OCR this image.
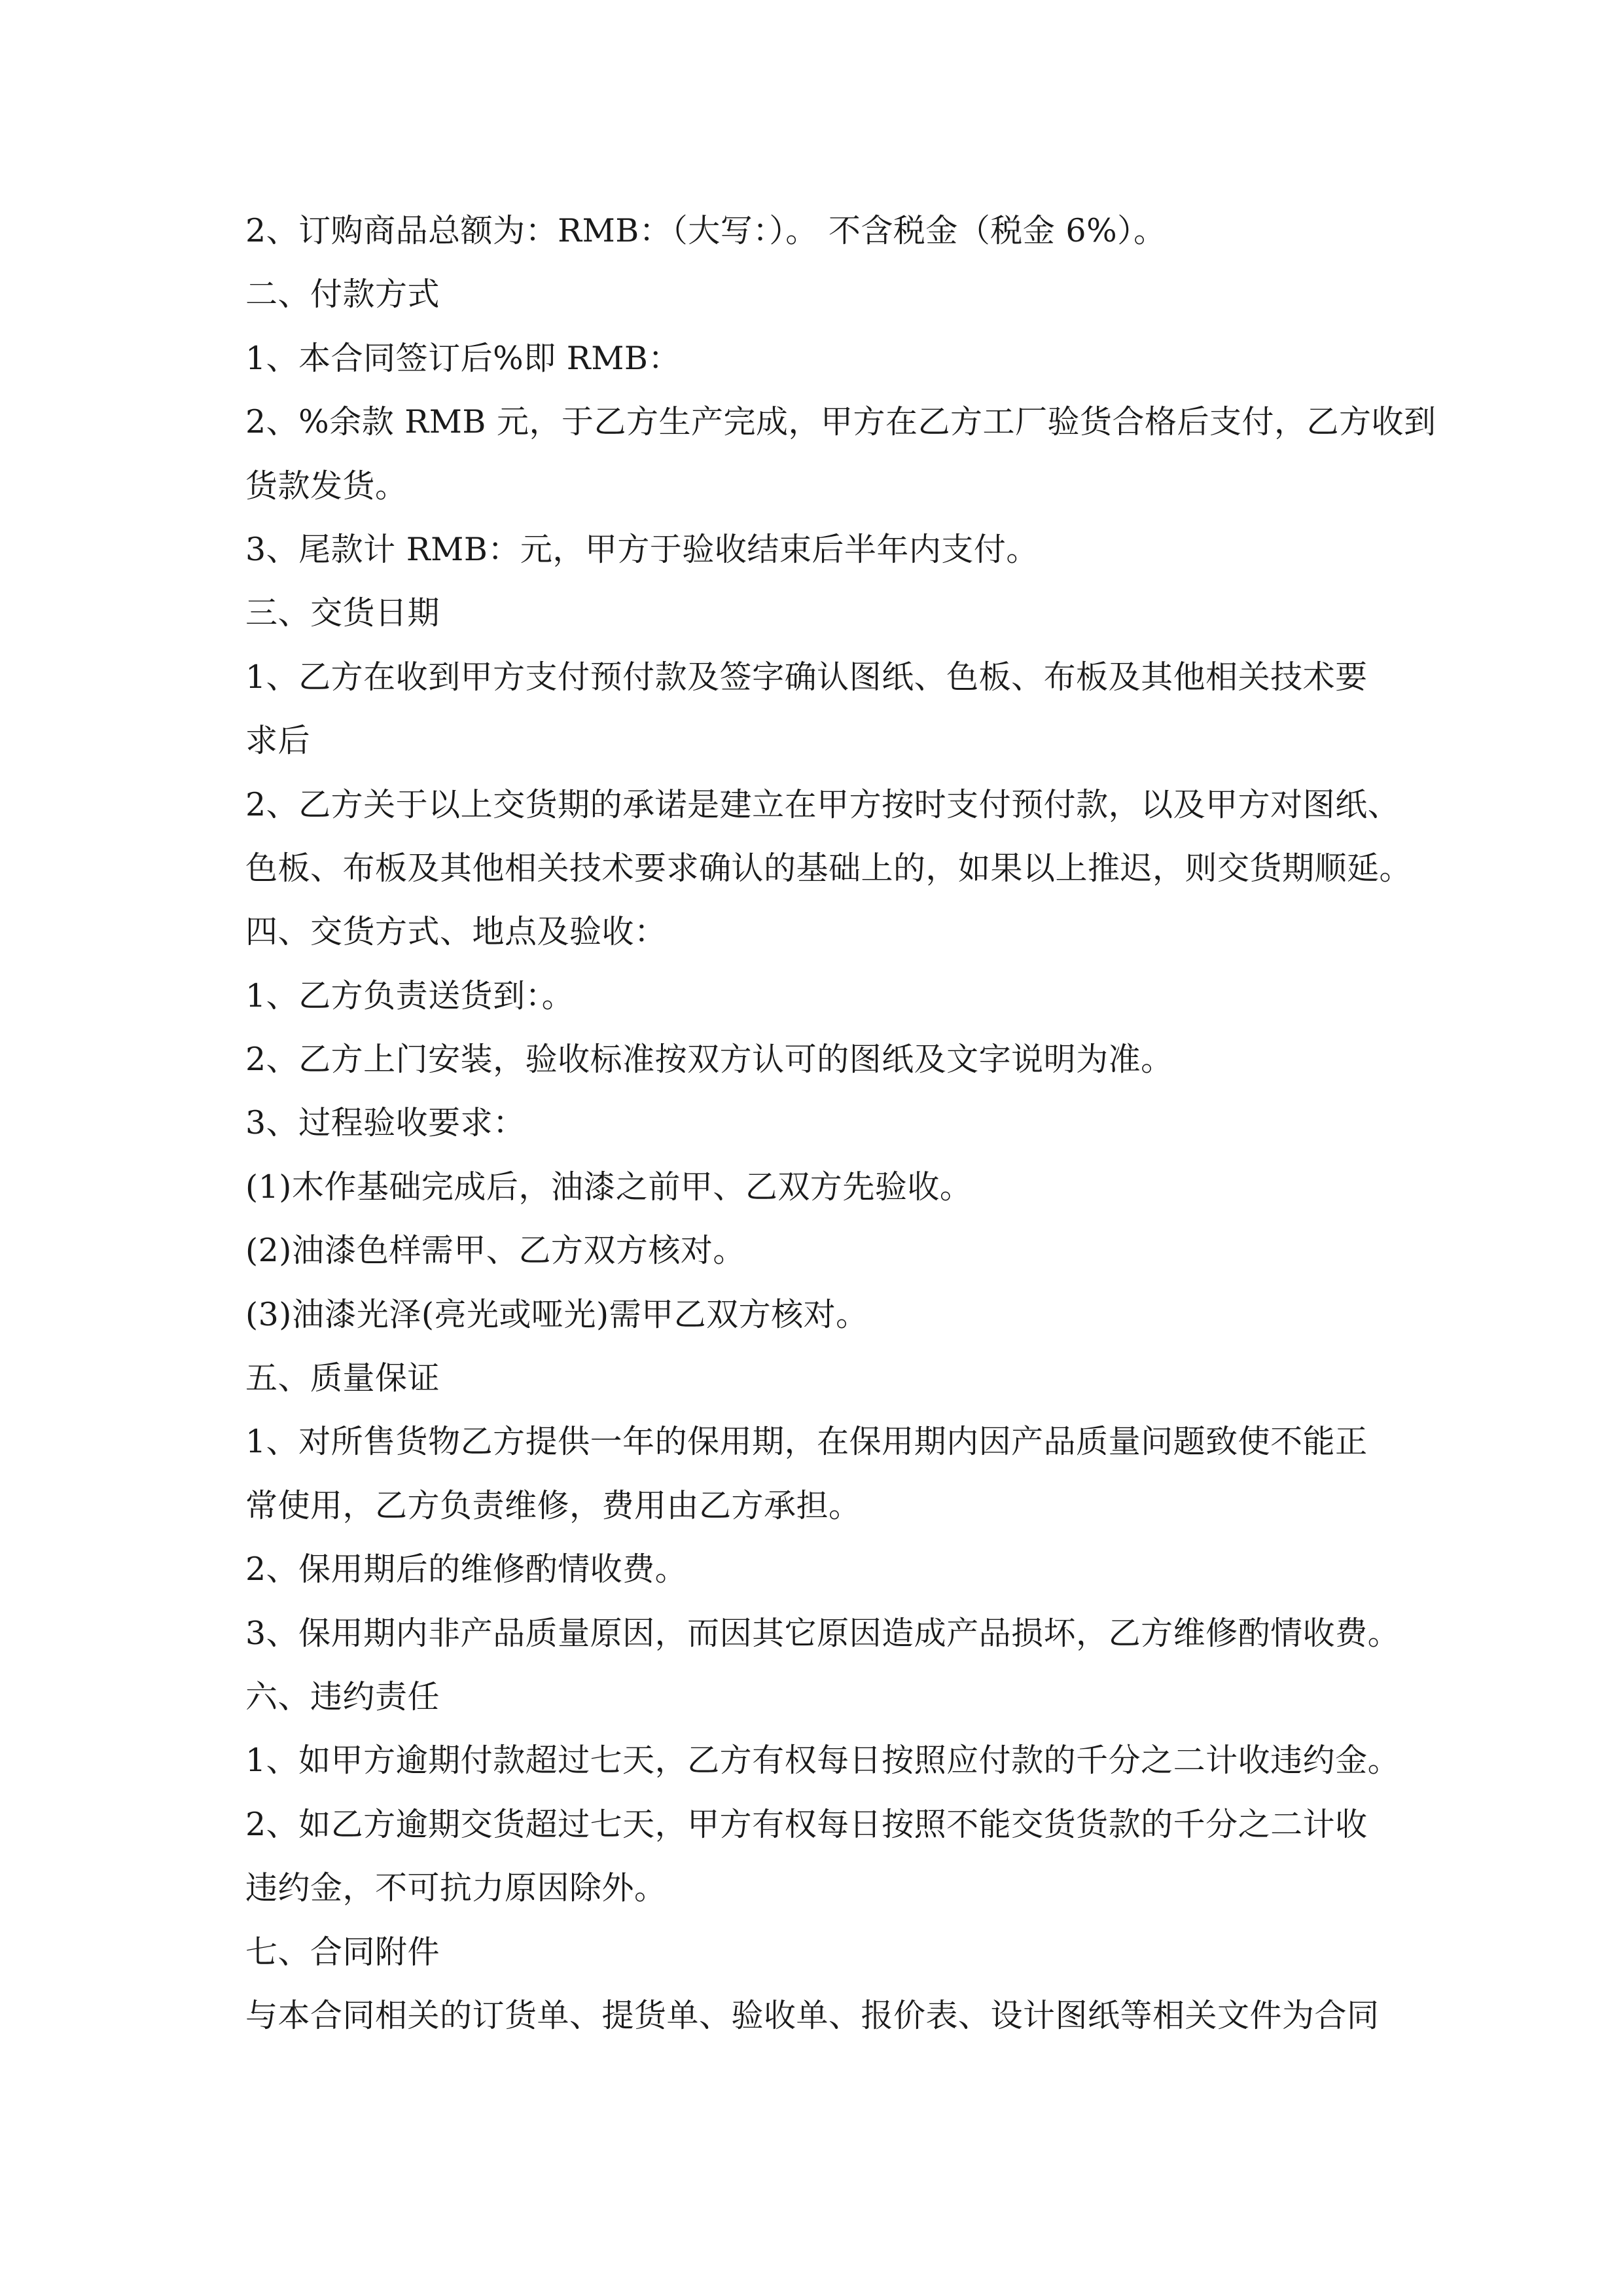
2、订购商品总额为：RMB：（大写：）。 不含税金（税金 6%）。
二、付款方式
1、本合同签订后%即 RMB：
2、%余款 RMB 元，于乙方生产完成，甲方在乙方工厂验货合格后支付，乙方收到
货款发货。
3、尾款计 RMB：元，甲方于验收结束后半年内支付。
三、交货日期
1、乙方在收到甲方支付预付款及签字确认图纸、色板、布板及其他相关技术要
求后
2、乙方关于以上交货期的承诺是建立在甲方按时支付预付款，以及甲方对图纸、
色板、布板及其他相关技术要求确认的基础上的，如果以上推迟，则交货期顺延。
四、交货方式、地点及验收：
1、乙方负责送货到：。
2、乙方上门安装，验收标准按双方认可的图纸及文字说明为准。
3、过程验收要求：
(1)木作基础完成后，油漆之前甲、乙双方先验收。
(2)油漆色样需甲、乙方双方核对。
(3)油漆光泽(亮光或哑光)需甲乙双方核对。
五、质量保证
1、对所售货物乙方提供一年的保用期，在保用期内因产品质量问题致使不能正
常使用，乙方负责维修，费用由乙方承担。
2、保用期后的维修酌情收费。
3、保用期内非产品质量原因，而因其它原因造成产品损坏，乙方维修酌情收费。
六、违约责任
1、如甲方逾期付款超过七天，乙方有权每日按照应付款的千分之二计收违约金。
2、如乙方逾期交货超过七天，甲方有权每日按照不能交货货款的千分之二计收
违约金，不可抗力原因除外。
七、合同附件
与本合同相关的订货单、提货单、验收单、报价表、设计图纸等相关文件为合同
